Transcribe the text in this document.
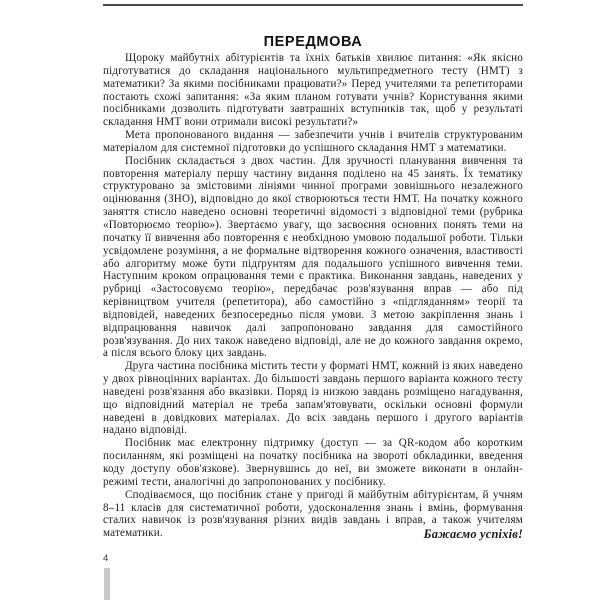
ПЕРЕДМОВА

Щороку майбутніх абітурієнтів та їхніх батьків хвилює питання: «Як якісно підготуватися до складання національного мультипредметного тесту (НМТ) з математики? За якими посібниками працювати?» Перед учителями та репетиторами постають схожі запитання: «За яким планом готувати учнів? Користування якими посібниками дозволить підготувати завтрашніх вступників так, щоб у результаті складання НМТ вони отримали високі результати?»

Мета пропонованого видання — забезпечити учнів і вчителів структурованим матеріалом для системної підготовки до успішного складання НМТ з математики.

Посібник складається з двох частин. Для зручності планування вивчення та повторення матеріалу першу частину видання поділено на 45 занять. Їх тематику структуровано за змістовими лініями чинної програми зовнішнього незалежного оцінювання (ЗНО), відповідно до якої створюються тести НМТ. На початку кожного заняття стисло наведено основні теоретичні відомості з відповідної теми (рубрика «Повторюємо теорію»). Звертаємо увагу, що засвоєння основних понять теми на початку її вивчення або повторення є необхідною умовою подальшої роботи. Тільки усвідомлене розуміння, а не формальне відтворення кожного означення, властивості або алгоритму може бути підґрунтям для подальшого успішного вивчення теми. Наступним кроком опрацювання теми є практика. Виконання завдань, наведених у рубриці «Застосовуємо теорію», передбачає розв'язування вправ — або під керівництвом учителя (репетитора), або самостійно з «підгляданням» теорії та відповідей, наведених безпосередньо після умови. З метою закріплення знань і відпрацювання навичок далі запропоновано завдання для самостійного розв'язування. До них також наведено відповіді, але не до кожного завдання окремо, а після всього блоку цих завдань.

Друга частина посібника містить тести у форматі НМТ, кожний із яких наведено у двох рівноцінних варіантах. До більшості завдань першого варіанта кожного тесту наведені розв'язання або вказівки. Поряд із низкою завдань розміщено нагадування, що відповідний матеріал не треба запам'ятовувати, оскільки основні формули наведені в довідкових матеріалах. До всіх завдань першого і другого варіантів надано відповіді.

Посібник має електронну підтримку (доступ — за QR-кодом або коротким посиланням, які розміщені на початку посібника на звороті обкладинки, введення коду доступу обов'язкове). Звернувшись до неї, ви зможете виконати в онлайн-режимі тести, аналогічні до запропонованих у посібнику.

Сподіваємося, що посібник стане у пригоді й майбутнім абітурієнтам, й учням 8–11 класів для систематичної роботи, удосконалення знань і вмінь, формування сталих навичок із розв'язування різних видів завдань і вправ, а також учителям математики.	Бажаємо успіхів!
4
